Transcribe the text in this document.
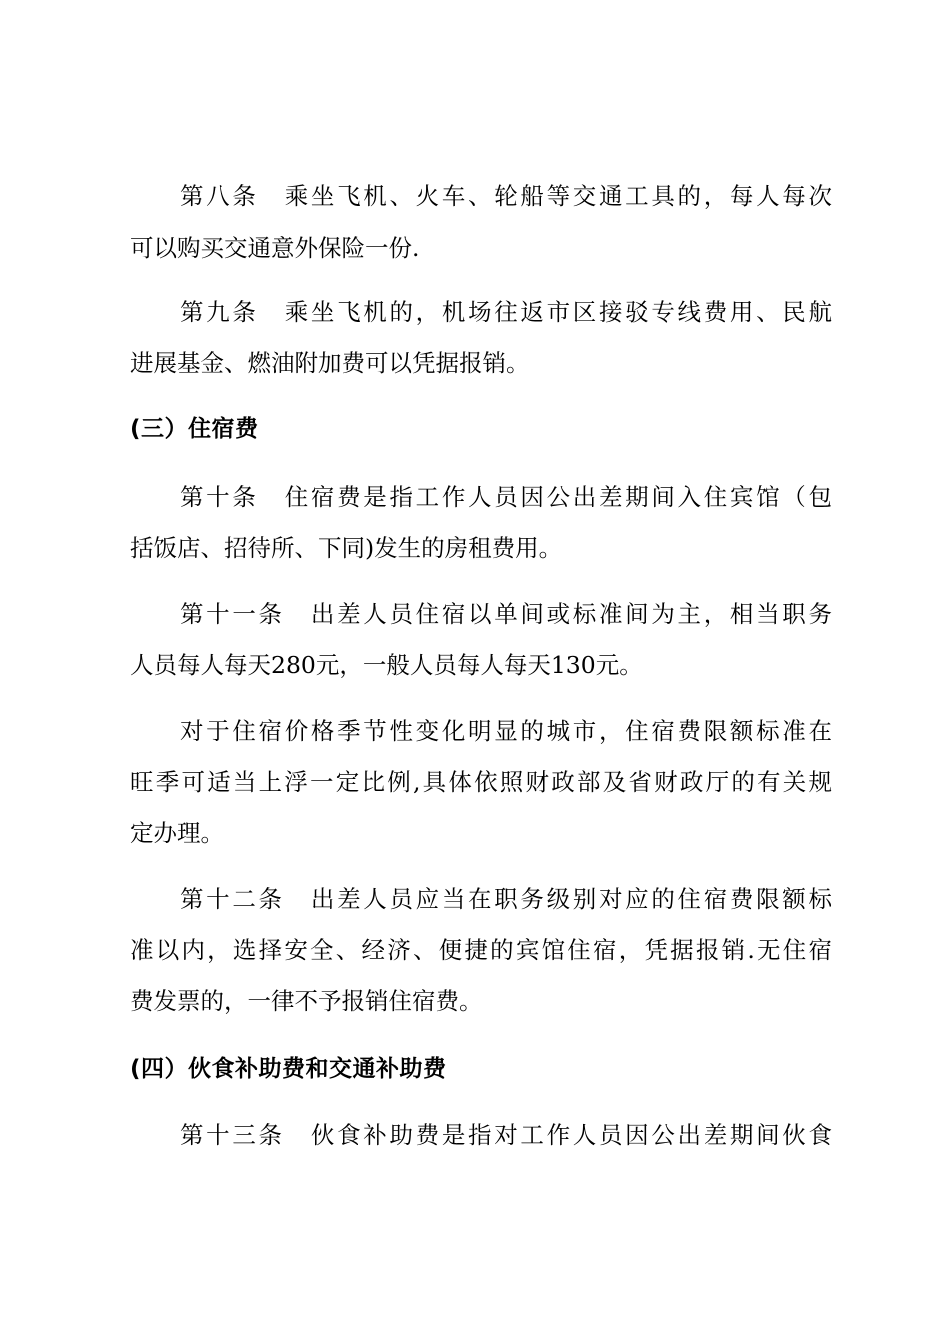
第八条　乘坐飞机、火车、轮船等交通工具的，每人每次
可以购买交通意外保险一份.
第九条　乘坐飞机的，机场往返市区接驳专线费用、民航
进展基金、燃油附加费可以凭据报销。
(三）住宿费
第十条　住宿费是指工作人员因公出差期间入住宾馆（包
括饭店、招待所、下同)发生的房租费用。
第十一条　出差人员住宿以单间或标准间为主，相当职务
人员每人每天280元，一般人员每人每天130元。
对于住宿价格季节性变化明显的城市，住宿费限额标准在
旺季可适当上浮一定比例,具体依照财政部及省财政厅的有关规
定办理。
第十二条　出差人员应当在职务级别对应的住宿费限额标
准以内，选择安全、经济、便捷的宾馆住宿，凭据报销.无住宿
费发票的，一律不予报销住宿费。
(四）伙食补助费和交通补助费
第十三条　伙食补助费是指对工作人员因公出差期间伙食
